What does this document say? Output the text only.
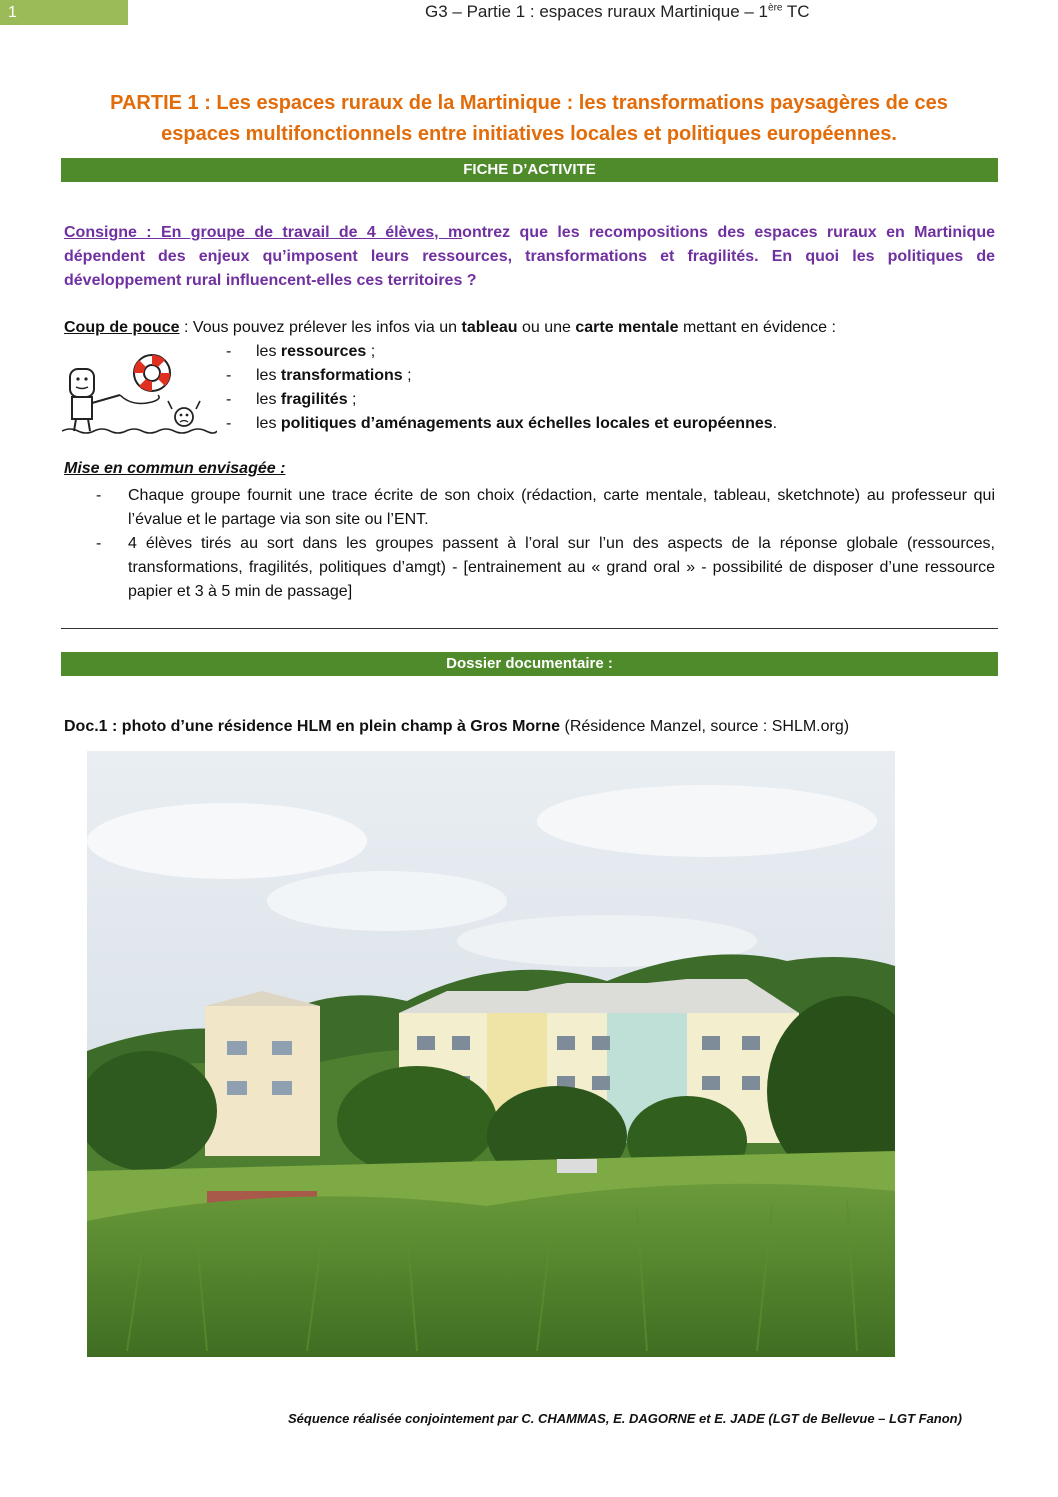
1	G3 – Partie 1 : espaces ruraux Martinique – 1ère TC
PARTIE 1 : Les espaces ruraux de la Martinique : les transformations paysagères de ces
espaces multifonctionnels entre initiatives locales et politiques européennes.
FICHE D’ACTIVITE
Consigne : En groupe de travail de 4 élèves, montrez que les recompositions des espaces ruraux en Martinique dépendent des enjeux qu’imposent leurs ressources, transformations et fragilités. En quoi les politiques de développement rural influencent-elles ces territoires ?
Coup de pouce : Vous pouvez prélever les infos via un tableau ou une carte mentale mettant en évidence :
- les ressources ;
- les transformations ;
- les fragilités ;
- les politiques d’aménagements aux échelles locales et européennes.
Mise en commun envisagée :
- Chaque groupe fournit une trace écrite de son choix (rédaction, carte mentale, tableau, sketchnote) au professeur qui l’évalue et le partage via son site ou l’ENT.
- 4 élèves tirés au sort dans les groupes passent à l’oral sur l’un des aspects de la réponse globale (ressources, transformations, fragilités, politiques d’amgt) - [entrainement au « grand oral » - possibilité de disposer d’une ressource papier et 3 à 5 min de passage]
Dossier documentaire :
Doc.1 : photo d’une résidence HLM en plein champ à Gros Morne (Résidence Manzel, source : SHLM.org)
Séquence réalisée conjointement par C. CHAMMAS, E. DAGORNE et E. JADE (LGT de Bellevue – LGT Fanon)
